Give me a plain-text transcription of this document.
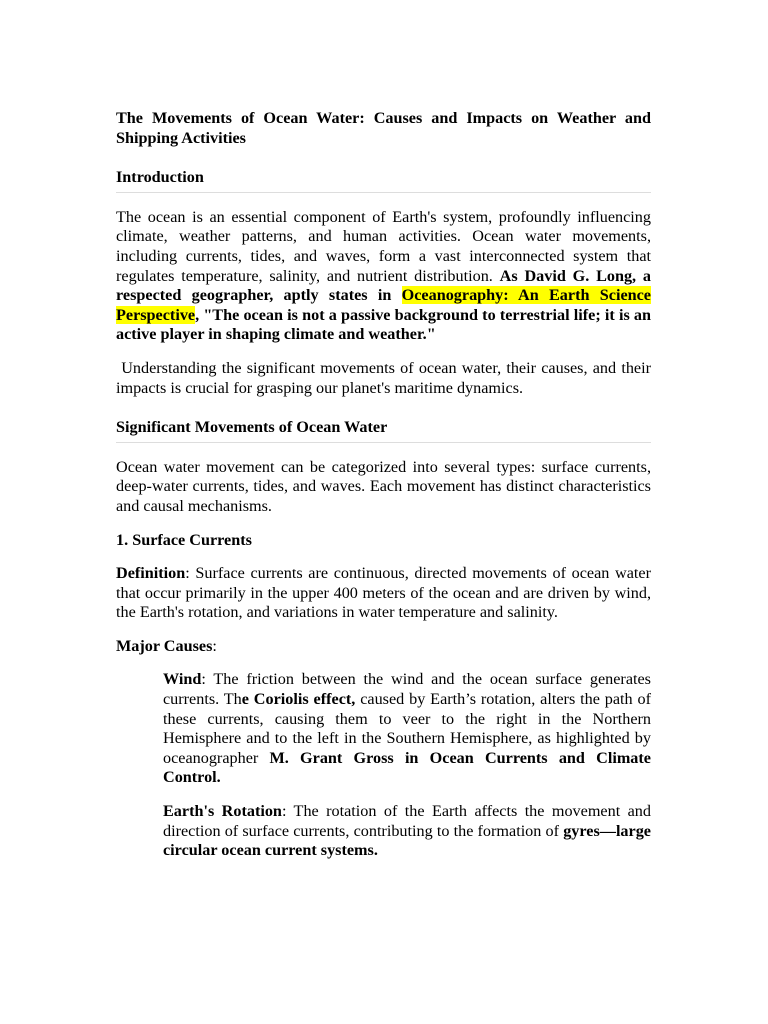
The Movements of Ocean Water: Causes and Impacts on Weather and Shipping Activities

Introduction

The ocean is an essential component of Earth's system, profoundly influencing climate, weather patterns, and human activities. Ocean water movements, including currents, tides, and waves, form a vast interconnected system that regulates temperature, salinity, and nutrient distribution. As David G. Long, a respected geographer, aptly states in Oceanography: An Earth Science Perspective, "The ocean is not a passive background to terrestrial life; it is an active player in shaping climate and weather."

Understanding the significant movements of ocean water, their causes, and their impacts is crucial for grasping our planet's maritime dynamics.

Significant Movements of Ocean Water

Ocean water movement can be categorized into several types: surface currents, deep-water currents, tides, and waves. Each movement has distinct characteristics and causal mechanisms.

1. Surface Currents

Definition: Surface currents are continuous, directed movements of ocean water that occur primarily in the upper 400 meters of the ocean and are driven by wind, the Earth's rotation, and variations in water temperature and salinity.

Major Causes:

Wind: The friction between the wind and the ocean surface generates currents. The Coriolis effect, caused by Earth’s rotation, alters the path of these currents, causing them to veer to the right in the Northern Hemisphere and to the left in the Southern Hemisphere, as highlighted by oceanographer M. Grant Gross in Ocean Currents and Climate Control.

Earth's Rotation: The rotation of the Earth affects the movement and direction of surface currents, contributing to the formation of gyres—large circular ocean current systems.
